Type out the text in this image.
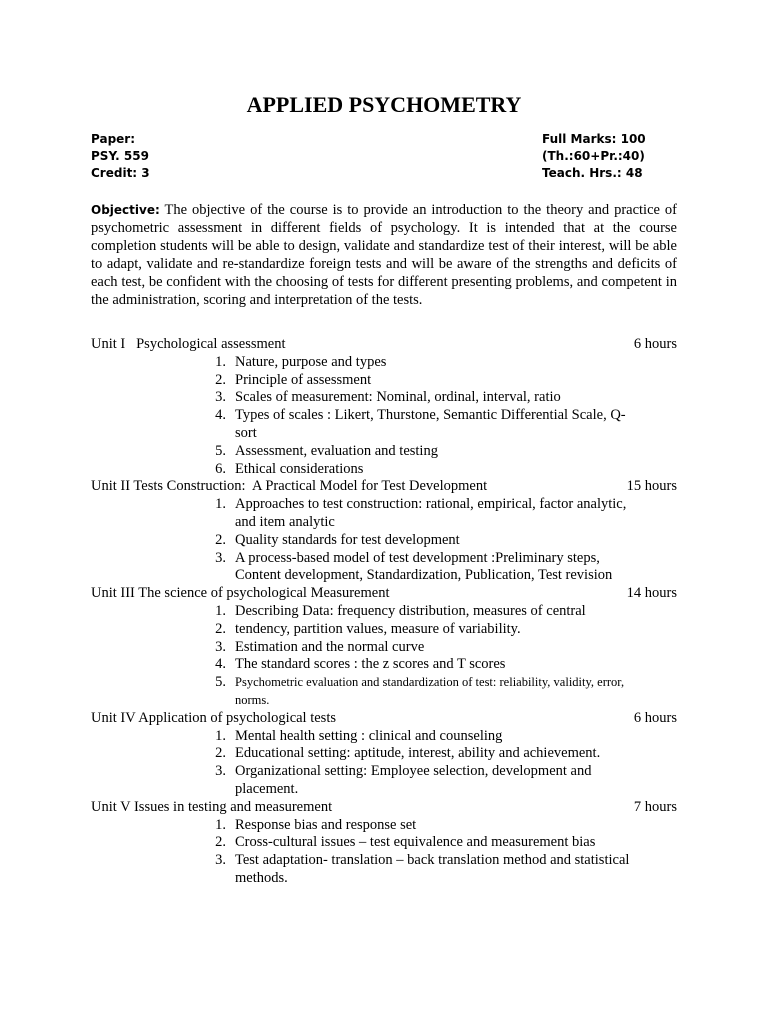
APPLIED PSYCHOMETRY
Paper:
PSY. 559
Credit: 3
Full Marks: 100
(Th.:60+Pr.:40)
Teach. Hrs.: 48
Objective: The objective of the course is to provide an introduction to the theory and practice of psychometric assessment in different fields of psychology. It is intended that at the course completion students will be able to design, validate and standardize test of their interest, will be able to adapt, validate and re-standardize foreign tests and will be aware of the strengths and deficits of each test, be confident with the choosing of tests for different presenting problems, and competent in the administration, scoring and interpretation of the tests.
Unit I   Psychological assessment	6 hours
1. Nature, purpose and types
2. Principle of assessment
3. Scales of measurement: Nominal, ordinal, interval, ratio
4. Types of scales : Likert, Thurstone, Semantic Differential Scale, Q-sort
5. Assessment, evaluation and testing
6. Ethical considerations
Unit II Tests Construction:  A Practical Model for Test Development	15 hours
1. Approaches to test construction: rational, empirical, factor analytic, and item analytic
2. Quality standards for test development
3. A process-based model of test development :Preliminary steps, Content development, Standardization, Publication, Test revision
Unit III The science of psychological Measurement	14 hours
1. Describing Data: frequency distribution, measures of central
2. tendency, partition values, measure of variability.
3. Estimation and the normal curve
4. The standard scores : the z scores and T scores
5. Psychometric evaluation and standardization of test: reliability, validity, error, norms.
Unit IV Application of psychological tests	6 hours
1. Mental health setting : clinical and counseling
2. Educational setting: aptitude, interest, ability and achievement.
3. Organizational setting: Employee selection, development and placement.
Unit V Issues in testing and measurement	7 hours
1. Response bias and response set
2. Cross-cultural issues – test equivalence and measurement bias
3. Test adaptation- translation – back translation method and statistical methods.
